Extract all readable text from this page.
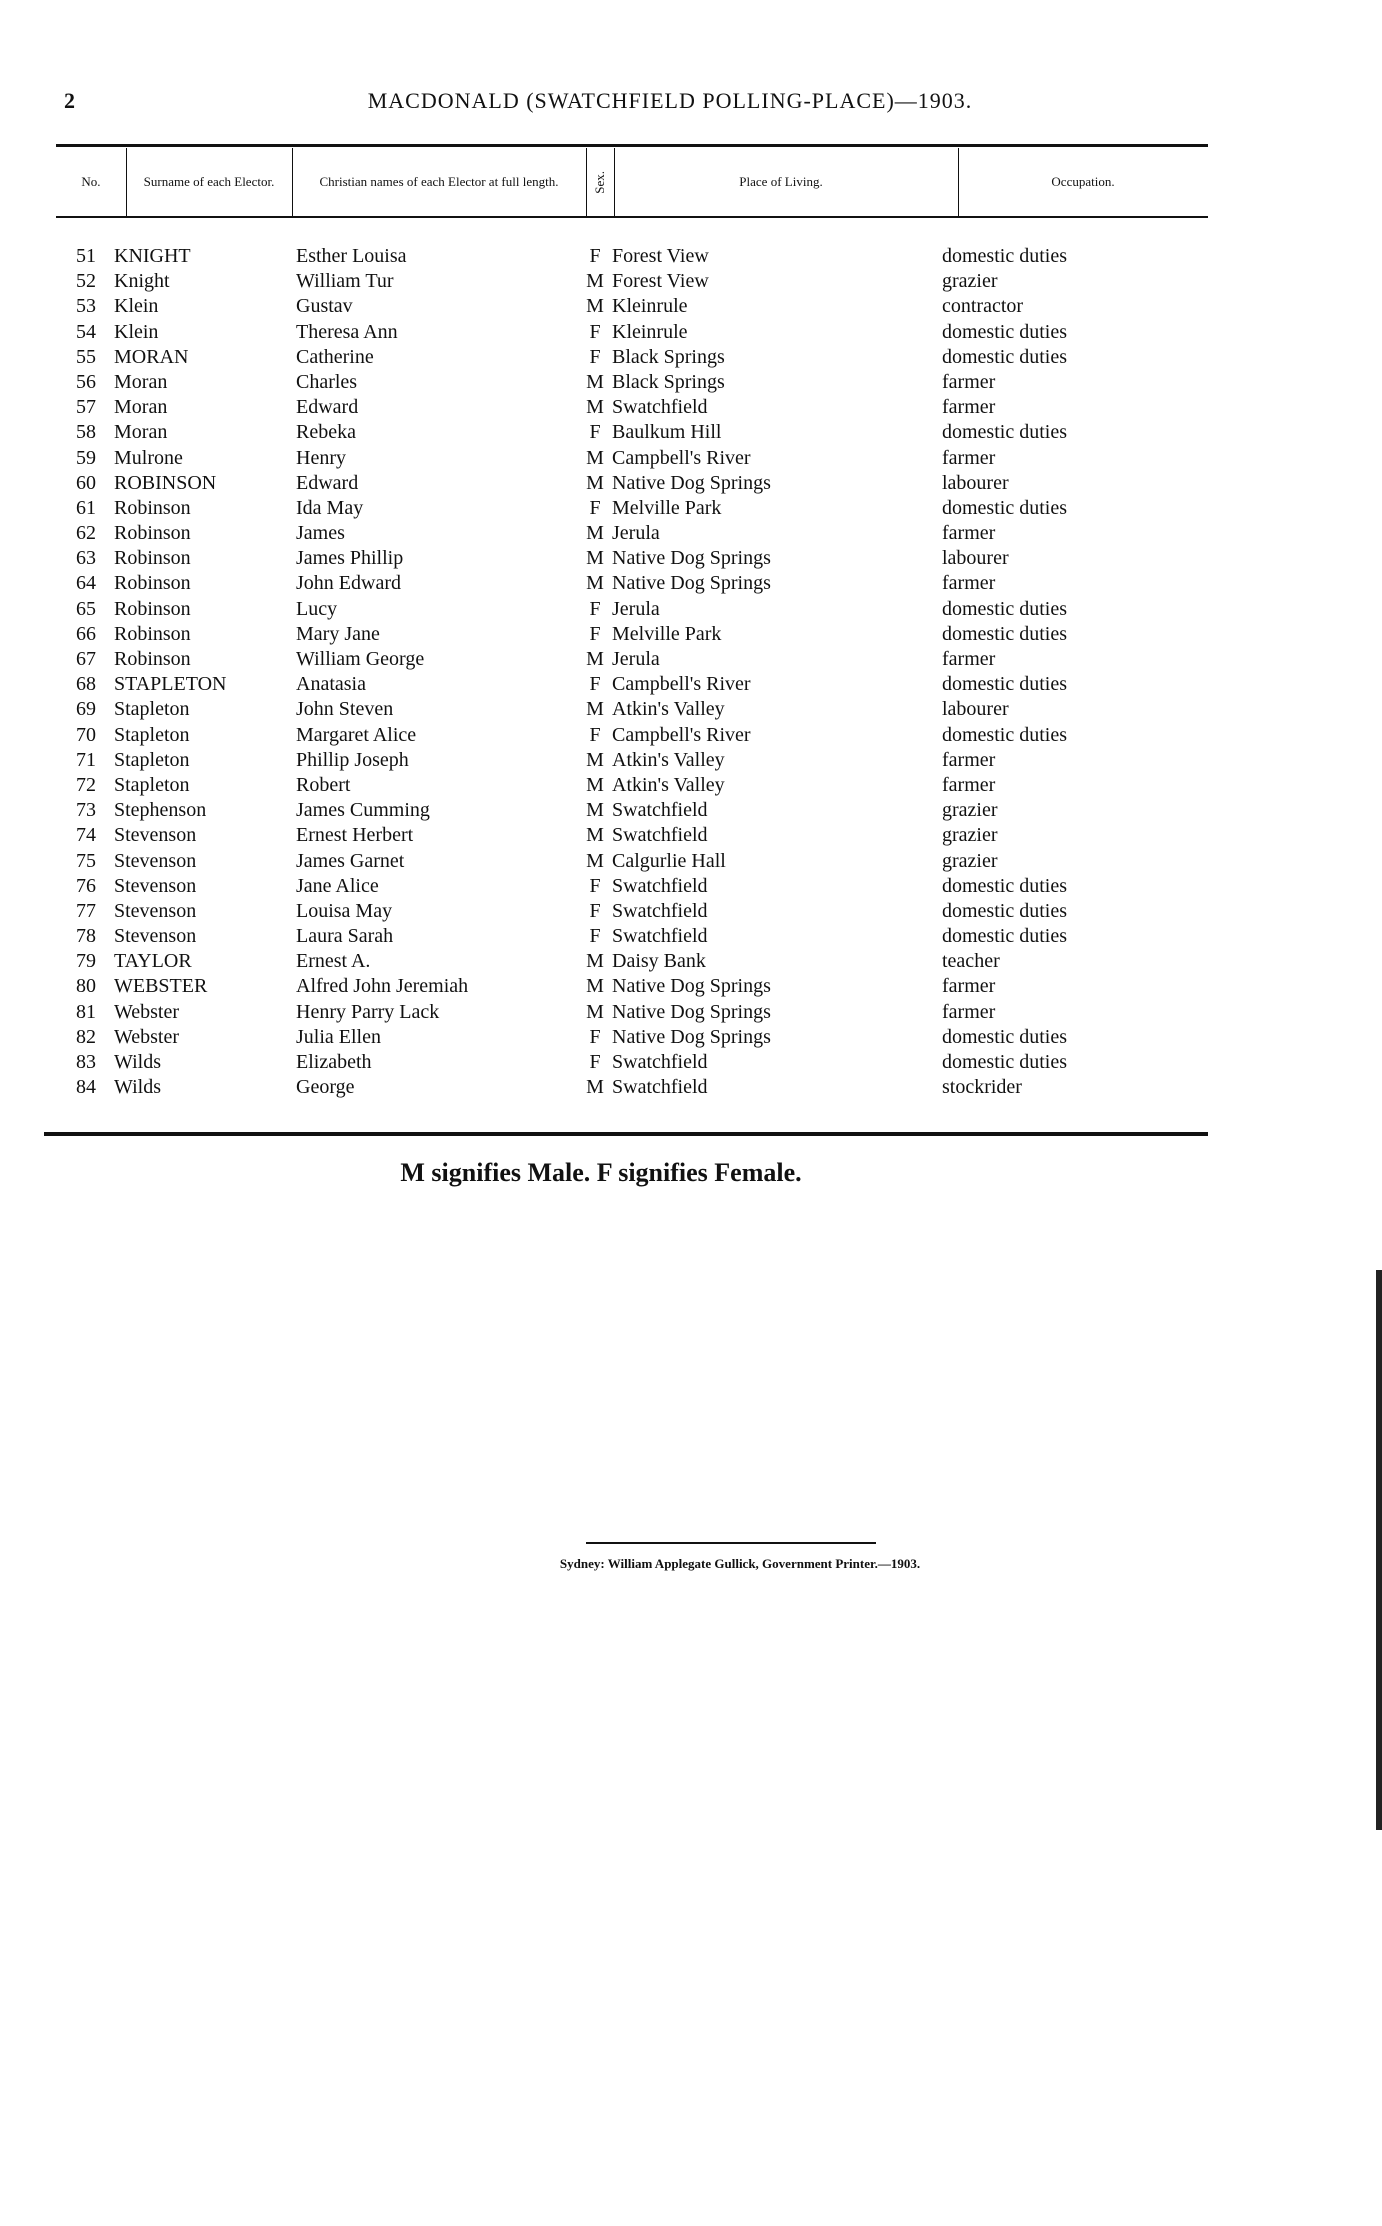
2	MACDONALD (SWATCHFIELD POLLING-PLACE)—1903.
No.	Surname of each Elector.	Christian names of each Elector at full length.	Sex.	Place of Living.	Occupation.
51 KNIGHT	Esther Louisa	F Forest View	domestic duties
52 Knight	William Tur	M Forest View	grazier
53 Klein	Gustav	M Kleinrule	contractor
54 Klein	Theresa Ann	F Kleinrule	domestic duties
55 MORAN	Catherine	F Black Springs	domestic duties
56 Moran	Charles	M Black Springs	farmer
57 Moran	Edward	M Swatchfield	farmer
58 Moran	Rebeka	F Baulkum Hill	domestic duties
59 Mulrone	Henry	M Campbell's River	farmer
60 ROBINSON	Edward	M Native Dog Springs	labourer
61 Robinson	Ida May	F Melville Park	domestic duties
62 Robinson	James	M Jerula	farmer
63 Robinson	James Phillip	M Native Dog Springs	labourer
64 Robinson	John Edward	M Native Dog Springs	farmer
65 Robinson	Lucy	F Jerula	domestic duties
66 Robinson	Mary Jane	F Melville Park	domestic duties
67 Robinson	William George	M Jerula	farmer
68 STAPLETON	Anatasia	F Campbell's River	domestic duties
69 Stapleton	John Steven	M Atkin's Valley	labourer
70 Stapleton	Margaret Alice	F Campbell's River	domestic duties
71 Stapleton	Phillip Joseph	M Atkin's Valley	farmer
72 Stapleton	Robert	M Atkin's Valley	farmer
73 Stephenson	James Cumming	M Swatchfield	grazier
74 Stevenson	Ernest Herbert	M Swatchfield	grazier
75 Stevenson	James Garnet	M Calgurlie Hall	grazier
76 Stevenson	Jane Alice	F Swatchfield	domestic duties
77 Stevenson	Louisa May	F Swatchfield	domestic duties
78 Stevenson	Laura Sarah	F Swatchfield	domestic duties
79 TAYLOR	Ernest A.	M Daisy Bank	teacher
80 WEBSTER	Alfred John Jeremiah	M Native Dog Springs	farmer
81 Webster	Henry Parry Lack	M Native Dog Springs	farmer
82 Webster	Julia Ellen	F Native Dog Springs	domestic duties
83 Wilds	Elizabeth	F Swatchfield	domestic duties
84 Wilds	George	M Swatchfield	stockrider
M signifies Male. F signifies Female.
Sydney: William Applegate Gullick, Government Printer.—1903.
